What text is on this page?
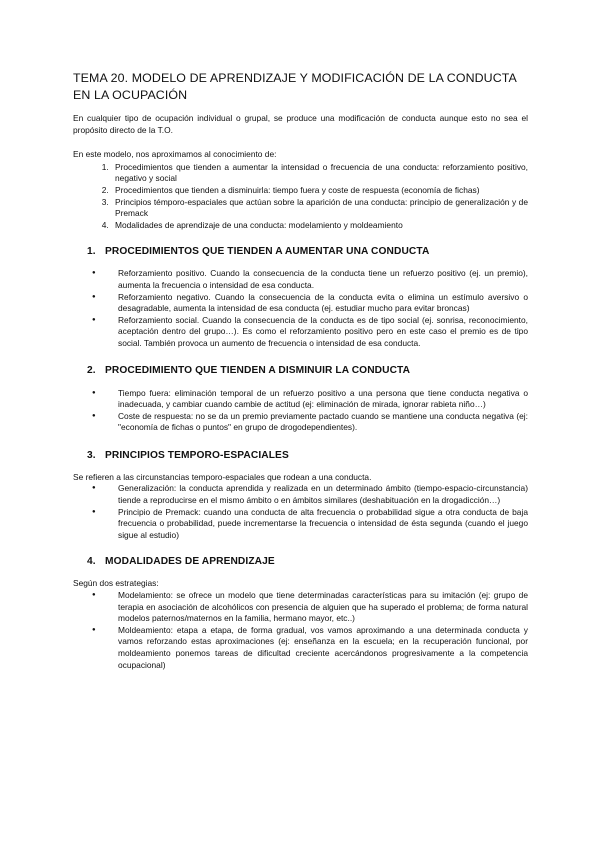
TEMA 20. MODELO DE APRENDIZAJE Y MODIFICACIÓN DE LA CONDUCTA EN LA OCUPACIÓN

En cualquier tipo de ocupación individual o grupal, se produce una modificación de conducta aunque esto no sea el propósito directo de la T.O.

En este modelo, nos aproximamos al conocimiento de:

1. Procedimientos que tienden a aumentar la intensidad o frecuencia de una conducta: reforzamiento positivo, negativo y social
2. Procedimientos que tienden a disminuirla: tiempo fuera y coste de respuesta (economía de fichas)
3. Principios témporo-espaciales que actúan sobre la aparición de una conducta: principio de generalización y de Premack
4. Modalidades de aprendizaje de una conducta: modelamiento y moldeamiento
1. PROCEDIMIENTOS QUE TIENDEN A AUMENTAR UNA CONDUCTA
● Reforzamiento positivo. Cuando la consecuencia de la conducta tiene un refuerzo positivo (ej. un premio), aumenta la frecuencia o intensidad de esa conducta.
● Reforzamiento negativo. Cuando la consecuencia de la conducta evita o elimina un estímulo aversivo o desagradable, aumenta la intensidad de esa conducta (ej. estudiar mucho para evitar broncas)
● Reforzamiento social. Cuando la consecuencia de la conducta es de tipo social (ej. sonrisa, reconocimiento, aceptación dentro del grupo…). Es como el reforzamiento positivo pero en este caso el premio es de tipo social. También provoca un aumento de frecuencia o intensidad de esa conducta.
2. PROCEDIMIENTO QUE TIENDEN A DISMINUIR LA CONDUCTA
● Tiempo fuera: eliminación temporal de un refuerzo positivo a una persona que tiene conducta negativa o inadecuada, y cambiar cuando cambie de actitud (ej: eliminación de mirada, ignorar rabieta niño…)
● Coste de respuesta: no se da un premio previamente pactado cuando se mantiene una conducta negativa (ej: "economía de fichas o puntos" en grupo de drogodependientes).
3. PRINCIPIOS TEMPORO-ESPACIALES

Se refieren a las circunstancias temporo-espaciales que rodean a una conducta.

● Generalización: la conducta aprendida y realizada en un determinado ámbito (tiempo-espacio-circunstancia) tiende a reproducirse en el mismo ámbito o en ámbitos similares (deshabituación en la drogadicción…)
● Principio de Premack: cuando una conducta de alta frecuencia o probabilidad sigue a otra conducta de baja frecuencia o probabilidad, puede incrementarse la frecuencia o intensidad de ésta segunda (cuando el juego sigue al estudio)
4. MODALIDADES DE APRENDIZAJE

Según dos estrategias:

● Modelamiento: se ofrece un modelo que tiene determinadas características para su imitación (ej: grupo de terapia en asociación de alcohólicos con presencia de alguien que ha superado el problema; de forma natural modelos paternos/maternos en la familia, hermano mayor, etc..)
● Moldeamiento: etapa a etapa, de forma gradual, vos vamos aproximando a una determinada conducta y vamos reforzando estas aproximaciones (ej: enseñanza en la escuela; en la recuperación funcional, por moldeamiento ponemos tareas de dificultad creciente acercándonos progresivamente a la competencia ocupacional)
